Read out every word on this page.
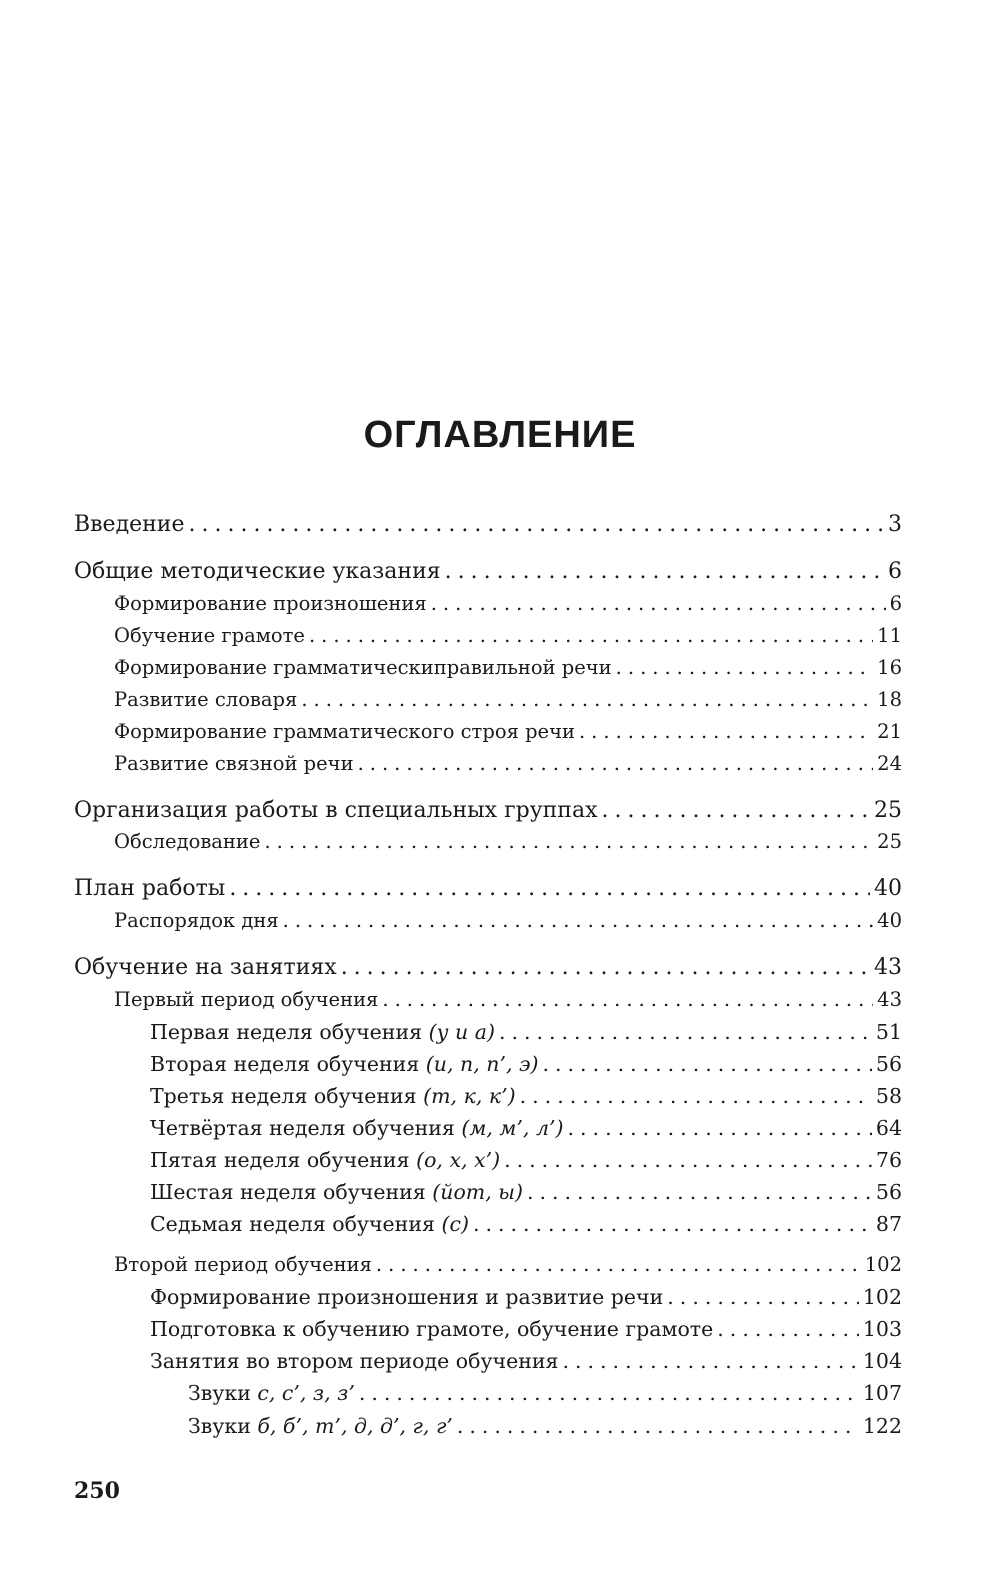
ОГЛАВЛЕНИЕ
Введение .....	3
Общие методические указания .....	6
Формирование произношения .....	6
Обучение грамоте .....	11
Формирование грамматическиправильной речи .....	16
Развитие словаря .....	18
Формирование грамматического строя речи .....	21
Развитие связной речи .....	24
Организация работы в специальных группах .....	25
Обследование .....	25
План работы .....	40
Распорядок дня .....	40
Обучение на занятиях .....	43
Первый период обучения .....	43
Первая неделя обучения (у и а) .....	51
Вторая неделя обучения (и, п, п’, э) .....	56
Третья неделя обучения (т, к, к’) .....	58
Четвёртая неделя обучения (м, м’, л’) .....	64
Пятая неделя обучения (о, х, х’) .....	76
Шестая неделя обучения (йот, ы) .....	56
Седьмая неделя обучения (с) .....	87
Второй период обучения .....	102
Формирование произношения и развитие речи .....	102
Подготовка к обучению грамоте, обучение грамоте .....	103
Занятия во втором периоде обучения .....	104
Звуки с, с’, з, з’ .....	107
Звуки б, б’, т’, д, д’, г, г’ .....	122
250
